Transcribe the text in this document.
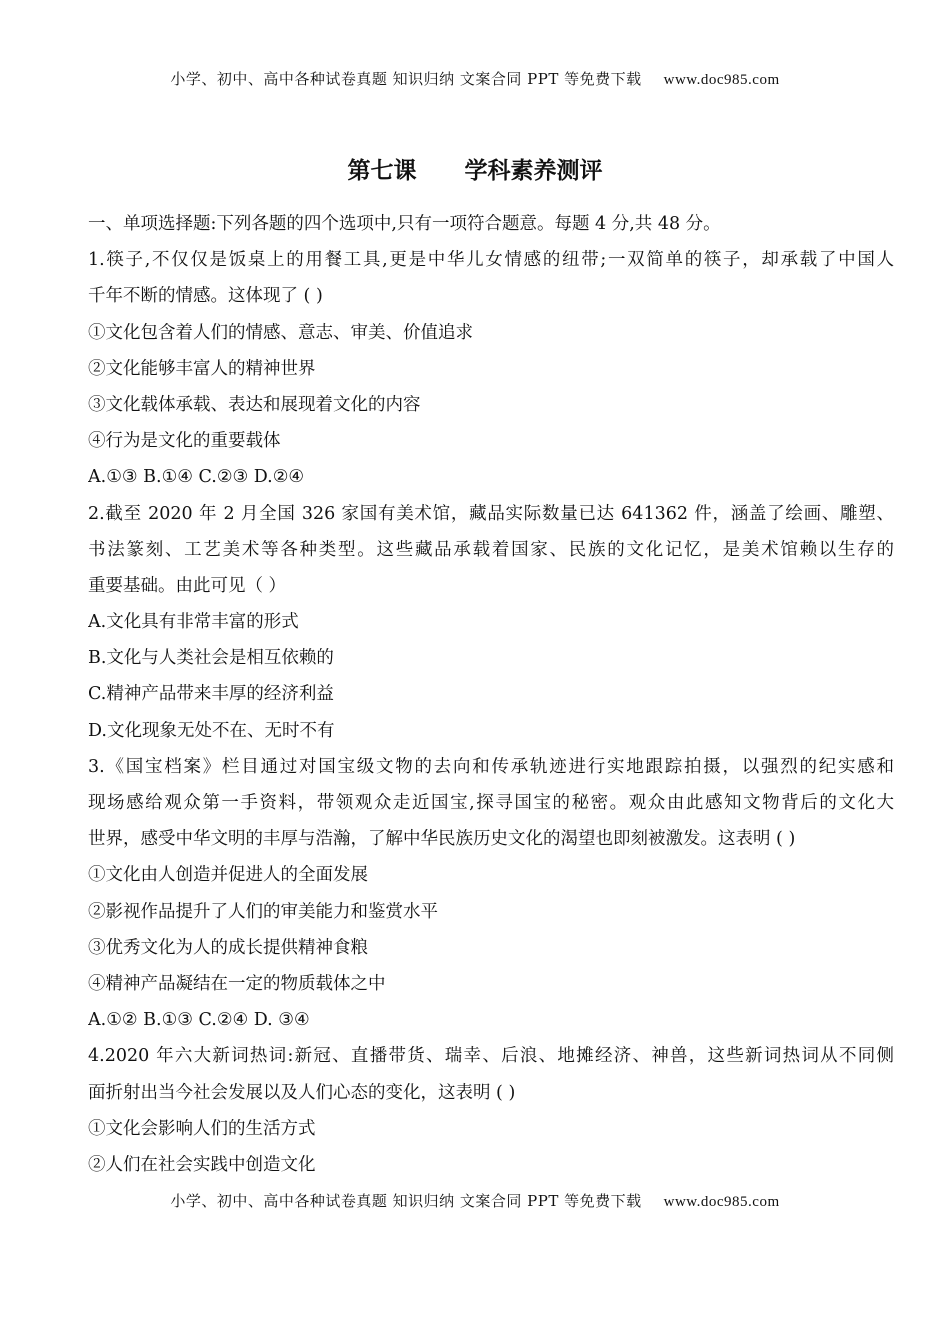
小学、初中、高中各种试卷真题 知识归纳 文案合同 PPT 等免费下载 www.doc985.com
第七课      学科素养测评
一、单项选择题:下列各题的四个选项中,只有一项符合题意。每题 4 分,共 48 分。
1.筷子,不仅仅是饭桌上的用餐工具,更是中华儿女情感的纽带;一双简单的筷子，却承载了中国人
千年不断的情感。这体现了 ( )
①文化包含着人们的情感、意志、审美、价值追求
②文化能够丰富人的精神世界
③文化载体承载、表达和展现着文化的内容
④行为是文化的重要载体
A.①③ B.①④ C.②③ D.②④
2.截至 2020 年 2 月全国 326 家国有美术馆，藏品实际数量已达 641362 件，涵盖了绘画、雕塑、
书法篆刻、工艺美术等各种类型。这些藏品承载着国家、民族的文化记忆，是美术馆赖以生存的
重要基础。由此可见（ ）
A.文化具有非常丰富的形式
B.文化与人类社会是相互依赖的
C.精神产品带来丰厚的经济利益
D.文化现象无处不在、无时不有
3.《国宝档案》栏目通过对国宝级文物的去向和传承轨迹进行实地跟踪拍摄，以强烈的纪实感和
现场感给观众第一手资料，带领观众走近国宝,探寻国宝的秘密。观众由此感知文物背后的文化大
世界，感受中华文明的丰厚与浩瀚，了解中华民族历史文化的渴望也即刻被激发。这表明 ( )
①文化由人创造并促进人的全面发展
②影视作品提升了人们的审美能力和鉴赏水平
③优秀文化为人的成长提供精神食粮
④精神产品凝结在一定的物质载体之中
A.①② B.①③ C.②④ D. ③④
4.2020 年六大新词热词:新冠、直播带货、瑞幸、后浪、地摊经济、神兽，这些新词热词从不同侧
面折射出当今社会发展以及人们心态的变化，这表明 ( )
①文化会影响人们的生活方式
②人们在社会实践中创造文化
小学、初中、高中各种试卷真题 知识归纳 文案合同 PPT 等免费下载 www.doc985.com
